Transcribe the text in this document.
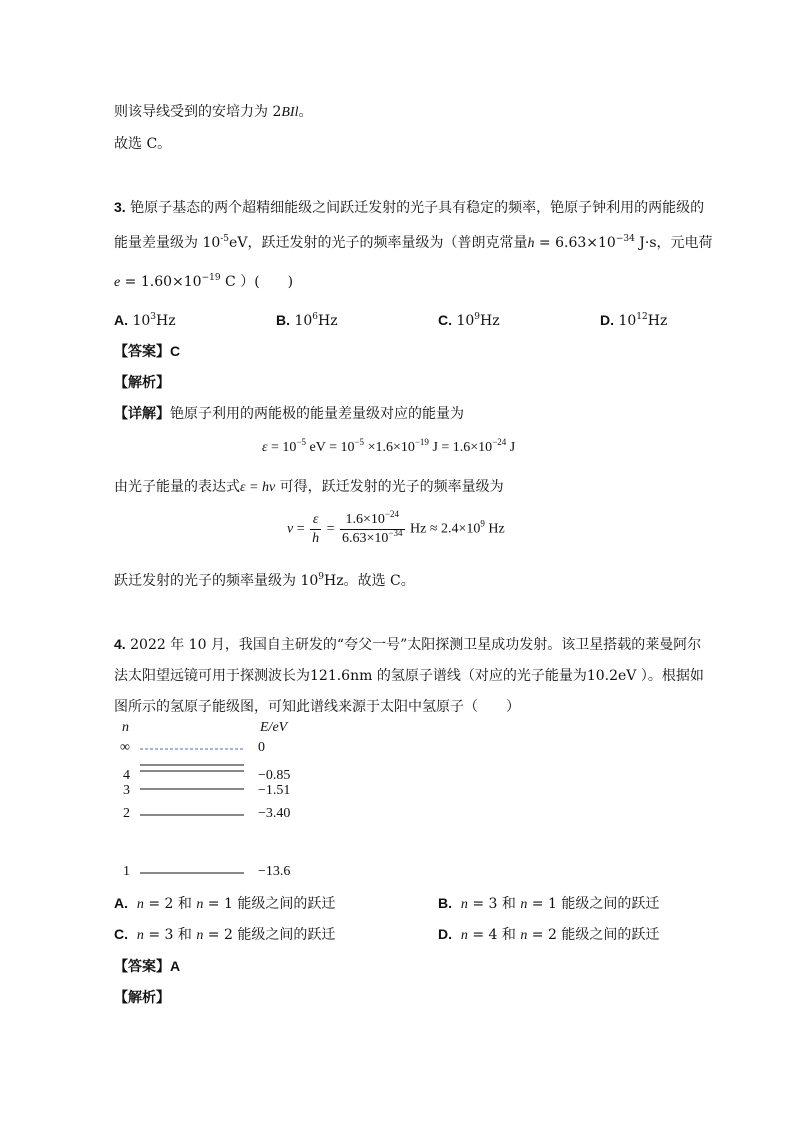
则该导线受到的安培力为 2BIl。
故选 C。
3. 铯原子基态的两个超精细能级之间跃迁发射的光子具有稳定的频率，铯原子钟利用的两能级的
能量差量级为 $10^{-5}eV$，跃迁发射的光子的频率量级为（普朗克常量$h = 6.63\times 10^{-34}$ J·s，元电荷
$e = 1.60\times 10^{-19}$ C ）(　　)
A. $10^3Hz$	B. $10^6Hz$	C. $10^9Hz$	D. $10^{12}Hz$
【答案】C
【解析】
【详解】铯原子利用的两能极的能量差量级对应的能量为
$\varepsilon = 10^{-5}$ eV = $10^{-5} \times 1.6\times 10^{-19}$ $J = 1.6\times 10^{-24}$ J
由光子能量的表达式ε = hν 可得，跃迁发射的光子的频率量级为
$\nu = \frac{\varepsilon}{h} = \frac{1.6\times 10^{-24}}{6.63\times 10^{-34}}$ $Hz \approx 2.4\times 10^9$ Hz
跃迁发射的光子的频率量级为 $10^9Hz$。故选 C。
4. 2022 年 10 月，我国自主研发的“夸父一号”太阳探测卫星成功发射。该卫星搭载的莱曼阿尔
法太阳望远镜可用于探测波长为121.6nm 的氢原子谱线（对应的光子能量为10.2eV ）。根据如
图所示的氢原子能级图，可知此谱线来源于太阳中氢原子（　　）
n	E/eV
∞	0
4	−0.85
3	−1.51
2	−3.40
1	−13.6
A. n = 2 和 n = 1 能级之间的跃迁	B. n = 3 和 n = 1 能级之间的跃迁
C. n = 3 和 n = 2 能级之间的跃迁	D. n = 4 和 n = 2 能级之间的跃迁
【答案】A
【解析】
